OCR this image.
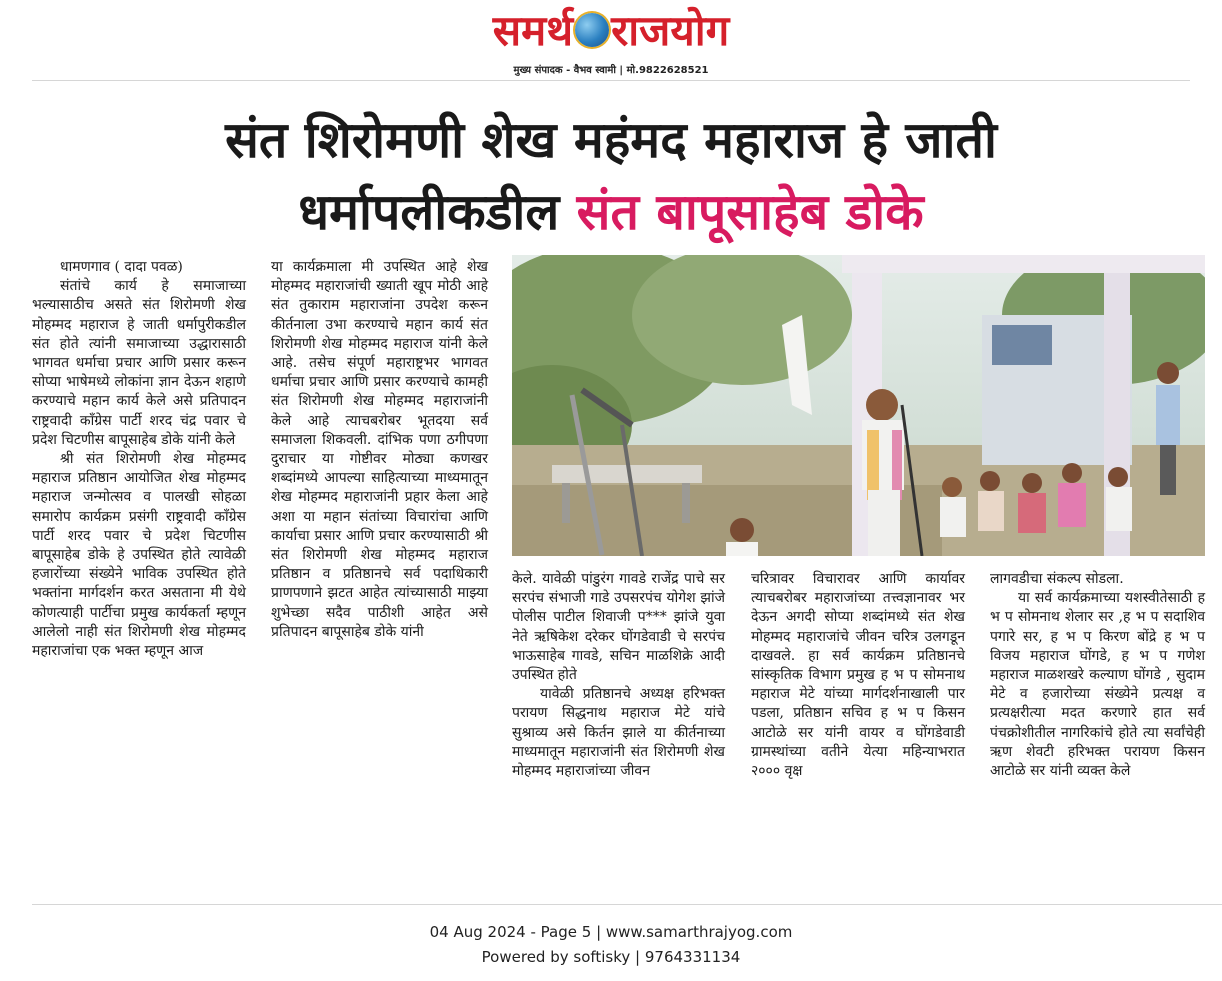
समर्थ राजयोग
मुख्य संपादक - वैभव स्वामी | मो.9822628521
संत शिरोमणी शेख महंमद महाराज हे जाती
धर्मापलीकडील संत बापूसाहेब डोके

धामणगाव ( दादा पवळ)

संतांचे कार्य हे समाजाच्या भल्यासाठीच असते संत शिरोमणी शेख मोहम्मद महाराज हे जाती धर्मापुरीकडील संत होते त्यांनी समाजाच्या उद्धारासाठी भागवत धर्माचा प्रचार आणि प्रसार करून सोप्या भाषेमध्ये लोकांना ज्ञान देऊन शहाणे करण्याचे महान कार्य केले असे प्रतिपादन राष्ट्रवादी काँग्रेस पार्टी शरद चंद्र पवार चे प्रदेश चिटणीस बापूसाहेब डोके यांनी केले

श्री संत शिरोमणी शेख मोहम्मद महाराज प्रतिष्ठान आयोजित शेख मोहम्मद महाराज जन्मोत्सव व पालखी सोहळा समारोप कार्यक्रम प्रसंगी राष्ट्रवादी काँग्रेस पार्टी शरद पवार चे प्रदेश चिटणीस बापूसाहेब डोके हे उपस्थित होते त्यावेळी हजारोंच्या संख्येने भाविक उपस्थित होते भक्तांना मार्गदर्शन करत असताना मी येथे कोणत्याही पार्टीचा प्रमुख कार्यकर्ता म्हणून आलेलो नाही संत शिरोमणी शेख मोहम्मद महाराजांचा एक भक्त म्हणून आज

या कार्यक्रमाला मी उपस्थित आहे शेख मोहम्मद महाराजांची ख्याती खूप मोठी आहे संत तुकाराम महाराजांना उपदेश करून कीर्तनाला उभा करण्याचे महान कार्य संत शिरोमणी शेख मोहम्मद महाराज यांनी केले आहे. तसेच संपूर्ण महाराष्ट्रभर भागवत धर्माचा प्रचार आणि प्रसार करण्याचे कामही संत शिरोमणी शेख मोहम्मद महाराजांनी केले आहे त्याचबरोबर भूतदया सर्व समाजला शिकवली. दांभिक पणा ठगीपणा दुराचार या गोष्टीवर मोठ्या कणखर शब्दांमध्ये आपल्या साहित्याच्या माध्यमातून शेख मोहम्मद महाराजांनी प्रहार केला आहे अशा या महान संतांच्या विचारांचा आणि कार्याचा प्रसार आणि प्रचार करण्यासाठी श्री संत शिरोमणी शेख मोहम्मद महाराज प्रतिष्ठान व प्रतिष्ठानचे सर्व पदाधिकारी प्राणपणाने झटत आहेत त्यांच्यासाठी माझ्या शुभेच्छा सदैव पाठीशी आहेत असे प्रतिपादन बापूसाहेब डोके यांनी

केले. यावेळी पांडुरंग गावडे राजेंद्र पाचे सर सरपंच संभाजी गाडे उपसरपंच योगेश झांजे पोलीस पाटील शिवाजी प*** झांजे युवा नेते ऋषिकेश दरेकर घोंगडेवाडी चे सरपंच भाऊसाहेब गावडे, सचिन माळशिक्रे आदी उपस्थित होते

यावेळी प्रतिष्ठानचे अध्यक्ष हरिभक्त परायण सिद्धनाथ महाराज मेटे यांचे सुश्राव्य असे किर्तन झाले या कीर्तनाच्या माध्यमातून महाराजांनी संत शिरोमणी शेख मोहम्मद महाराजांच्या जीवन

चरित्रावर विचारावर आणि कार्यावर त्याचबरोबर महाराजांच्या तत्त्वज्ञानावर भर देऊन अगदी सोप्या शब्दांमध्ये संत शेख मोहम्मद महाराजांचे जीवन चरित्र उलगडून दाखवले. हा सर्व कार्यक्रम प्रतिष्ठानचे सांस्कृतिक विभाग प्रमुख ह भ प सोमनाथ महाराज मेटे यांच्या मार्गदर्शनाखाली पार पडला, प्रतिष्ठान सचिव ह भ प किसन आटोळे सर यांनी वायर व घोंगडेवाडी ग्रामस्थांच्या वतीने येत्या महिन्याभरात २००० वृक्ष

लागवडीचा संकल्प सोडला.

या सर्व कार्यक्रमाच्या यशस्वीतेसाठी ह भ प सोमनाथ शेलार सर ,ह भ प सदाशिव पगारे सर, ह भ प किरण बोंद्रे ह भ प विजय महाराज घोंगडे, ह भ प गणेश महाराज माळशखरे कल्याण घोंगडे , सुदाम मेटे व हजारोच्या संख्येने प्रत्यक्ष व प्रत्यक्षरीत्या मदत करणारे हात सर्व पंचक्रोशीतील नागरिकांचे होते त्या सर्वांचेही ऋण शेवटी हरिभक्त परायण किसन आटोळे सर यांनी व्यक्त केले

04 Aug 2024 - Page 5 | www.samarthrajyog.com
Powered by softisky | 9764331134
